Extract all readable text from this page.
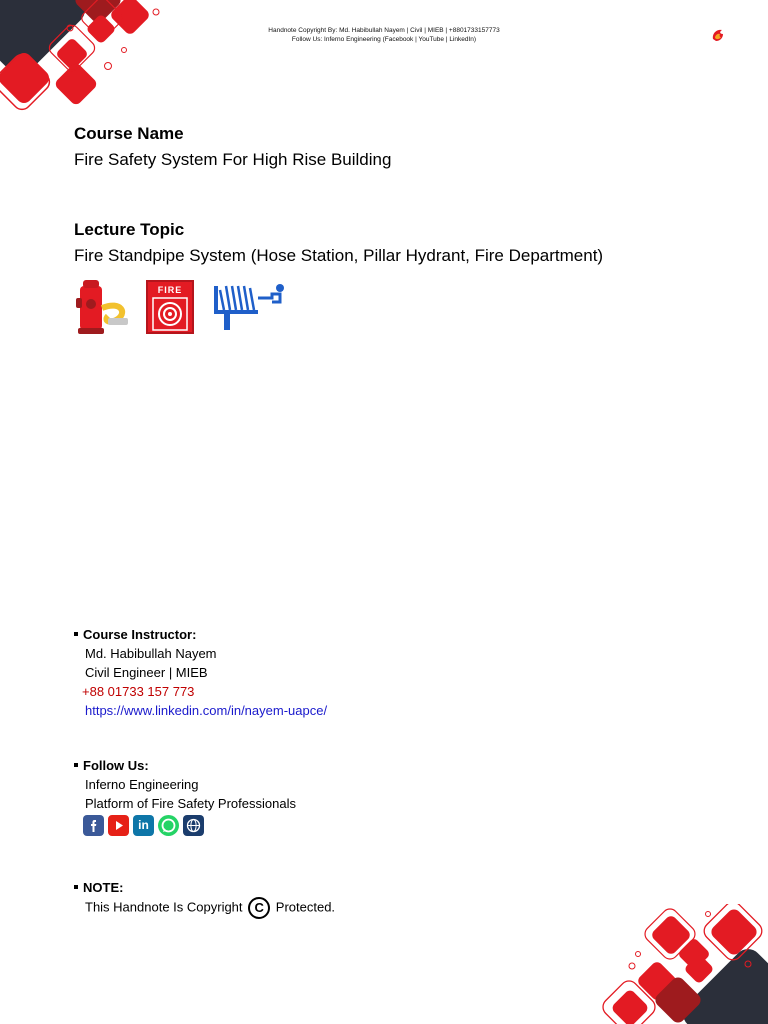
Handnote Copyright By: Md. Habibullah Nayem | Civil | MIEB | +8801733157773
Follow Us: Inferno Engineering (Facebook | YouTube | LinkedIn)
Course Name
Fire Safety System For High Rise Building
Lecture Topic
Fire Standpipe System (Hose Station, Pillar Hydrant, Fire Department)
FIRE
Course Instructor:
Md. Habibullah Nayem
Civil Engineer | MIEB
+88 01733 157 773
https://www.linkedin.com/in/nayem-uapce/
Follow Us:
Inferno Engineering
Platform of Fire Safety Professionals
in
NOTE:
This Handnote Is Copyright C Protected.
